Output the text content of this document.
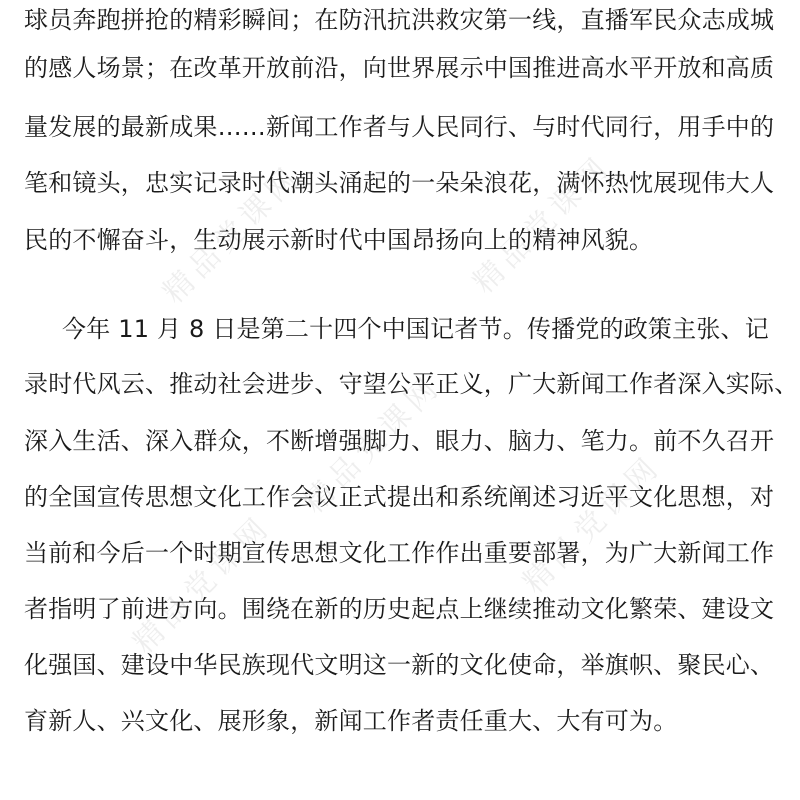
精品党课网	精品党课网
精品党课网
精品党课网
精品党课网
球员奔跑拼抢的精彩瞬间；在防汛抗洪救灾第一线，直播军民众志成城
的感人场景；在改革开放前沿，向世界展示中国推进高水平开放和高质
量发展的最新成果……新闻工作者与人民同行、与时代同行，用手中的
笔和镜头，忠实记录时代潮头涌起的一朵朵浪花，满怀热忱展现伟大人
民的不懈奋斗，生动展示新时代中国昂扬向上的精神风貌。
今年 11 月 8 日是第二十四个中国记者节。传播党的政策主张、记
录时代风云、推动社会进步、守望公平正义，广大新闻工作者深入实际、
深入生活、深入群众，不断增强脚力、眼力、脑力、笔力。前不久召开
的全国宣传思想文化工作会议正式提出和系统阐述习近平文化思想，对
当前和今后一个时期宣传思想文化工作作出重要部署，为广大新闻工作
者指明了前进方向。围绕在新的历史起点上继续推动文化繁荣、建设文
化强国、建设中华民族现代文明这一新的文化使命，举旗帜、聚民心、
育新人、兴文化、展形象，新闻工作者责任重大、大有可为。
